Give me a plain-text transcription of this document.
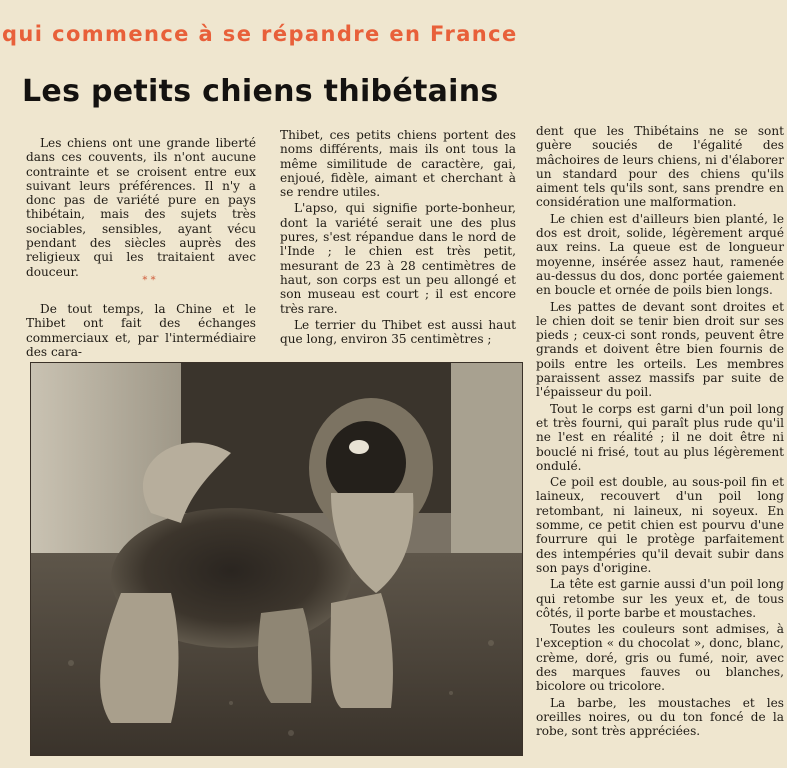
qui commence à se répandre en France
Les petits chiens thibétains

Les chiens ont une grande liberté dans ces couvents, ils n'ont aucune contrainte et se croisent entre eux suivant leurs préférences. Il n'y a donc pas de variété pure en pays thibétain, mais des sujets très sociables, sensibles, ayant vécu pendant des siècles auprès des religieux qui les traitaient avec douceur.

* *

De tout temps, la Chine et le Thibet ont fait des échanges commerciaux et, par l'intermédiaire des cara-

Thibet, ces petits chiens portent des noms différents, mais ils ont tous la même similitude de caractère, gai, enjoué, fidèle, aimant et cherchant à se rendre utiles.

L'apso, qui signifie porte-bonheur, dont la variété serait une des plus pures, s'est répandue dans le nord de l'Inde ; le chien est très petit, mesurant de 23 à 28 centimètres de haut, son corps est un peu allongé et son museau est court ; il est encore très rare.

Le terrier du Thibet est aussi haut que long, environ 35 centimètres ;

dent que les Thibétains ne se sont guère souciés de l'égalité des mâchoires de leurs chiens, ni d'élaborer un standard pour des chiens qu'ils aiment tels qu'ils sont, sans prendre en considération une malformation.

Le chien est d'ailleurs bien planté, le dos est droit, solide, légèrement arqué aux reins. La queue est de longueur moyenne, insérée assez haut, ramenée au-dessus du dos, donc portée gaiement en boucle et ornée de poils bien longs.

Les pattes de devant sont droites et le chien doit se tenir bien droit sur ses pieds ; ceux-ci sont ronds, peuvent être grands et doivent être bien fournis de poils entre les orteils. Les membres paraissent assez massifs par suite de l'épaisseur du poil.

Tout le corps est garni d'un poil long et très fourni, qui paraît plus rude qu'il ne l'est en réalité ; il ne doit être ni bouclé ni frisé, tout au plus légèrement ondulé.

Ce poil est double, au sous-poil fin et laineux, recouvert d'un poil long retombant, ni laineux, ni soyeux. En somme, ce petit chien est pourvu d'une fourrure qui le protège parfaitement des intempéries qu'il devait subir dans son pays d'origine.

La tête est garnie aussi d'un poil long qui retombe sur les yeux et, de tous côtés, il porte barbe et moustaches.

Toutes les couleurs sont admises, à l'exception « du chocolat », donc, blanc, crème, doré, gris ou fumé, noir, avec des marques fauves ou blanches, bicolore ou tricolore.

La barbe, les moustaches et les oreilles noires, ou du ton foncé de la robe, sont très appréciées.
